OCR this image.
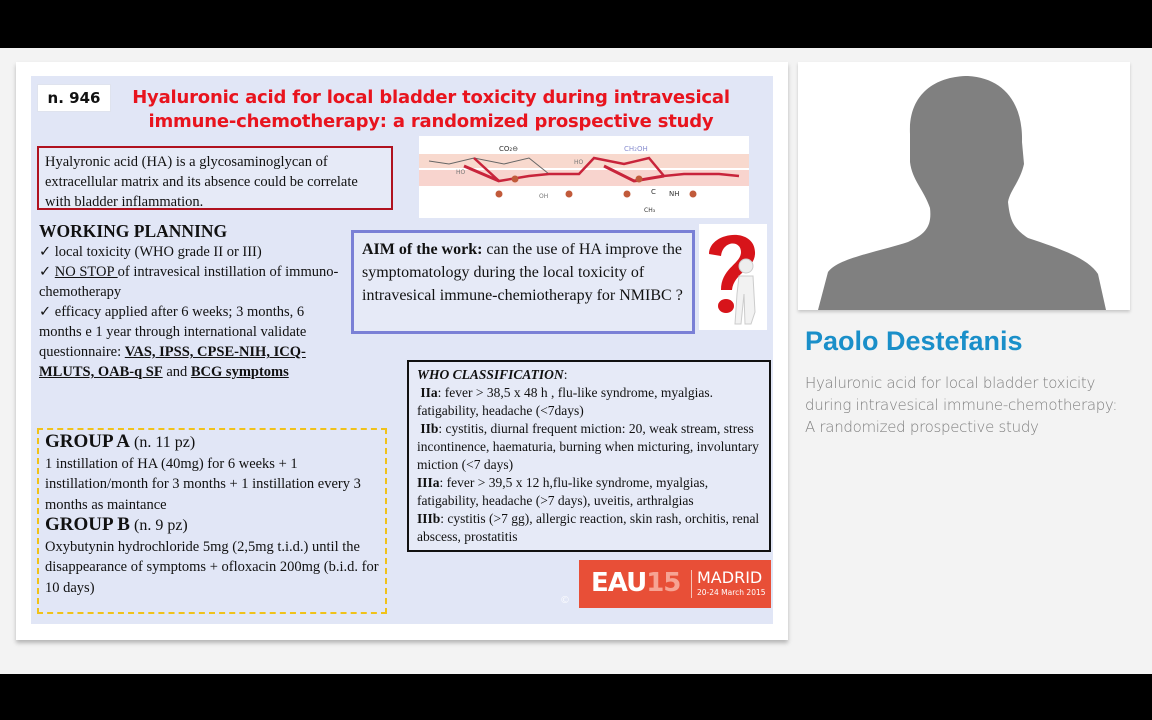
n. 946	Hyaluronic acid for local bladder toxicity during intravesical
immune-chemotherapy: a randomized prospective study
Hyalyronic acid (HA) is a glycosaminoglycan of extracellular matrix and its absence could be correlate with bladder inflammation.
CO₂⊖
HO
OH
CH₂OH
HO
NH
C
CH₃
WORKING PLANNING
✓ local toxicity (WHO grade II or III)
✓ NO STOP of intravesical instillation of immuno-chemotherapy
✓ efficacy applied after 6 weeks; 3 months, 6 months e 1 year through international validate questionnaire: VAS, IPSS, CPSE-NIH, ICQ-MLUTS, OAB-q SF and BCG symptoms
AIM of the work: can the use of HA improve the symptomatology during the local toxicity of intravesical immune-chemiotherapy for NMIBC ?
WHO CLASSIFICATION:
IIa: fever > 38,5 x 48 h , flu-like syndrome, myalgias. fatigability, headache (<7days)
IIb: cystitis, diurnal frequent miction: 20, weak stream, stress incontinence, haematuria, burning when micturing, involuntary miction (<7 days)
IIIa: fever > 39,5 x 12 h,flu-like syndrome, myalgias, fatigability, headache (>7 days), uveitis, arthralgias
IIIb: cystitis (>7 gg), allergic reaction, skin rash, orchitis, renal abscess, prostatitis
GROUP A (n. 11 pz)
1 instillation of HA (40mg) for 6 weeks + 1 instillation/month for 3 months + 1 instillation every 3 months as maintance
GROUP B (n. 9 pz)
Oxybutynin hydrochloride 5mg (2,5mg t.i.d.) until the disappearance of symptoms + ofloxacin 200mg (b.i.d. for 10 days)
©
EAU15 MADRID
20-24 March 2015
Paolo Destefanis
Hyaluronic acid for local bladder toxicity during intravesical immune-chemotherapy: A randomized prospective study
